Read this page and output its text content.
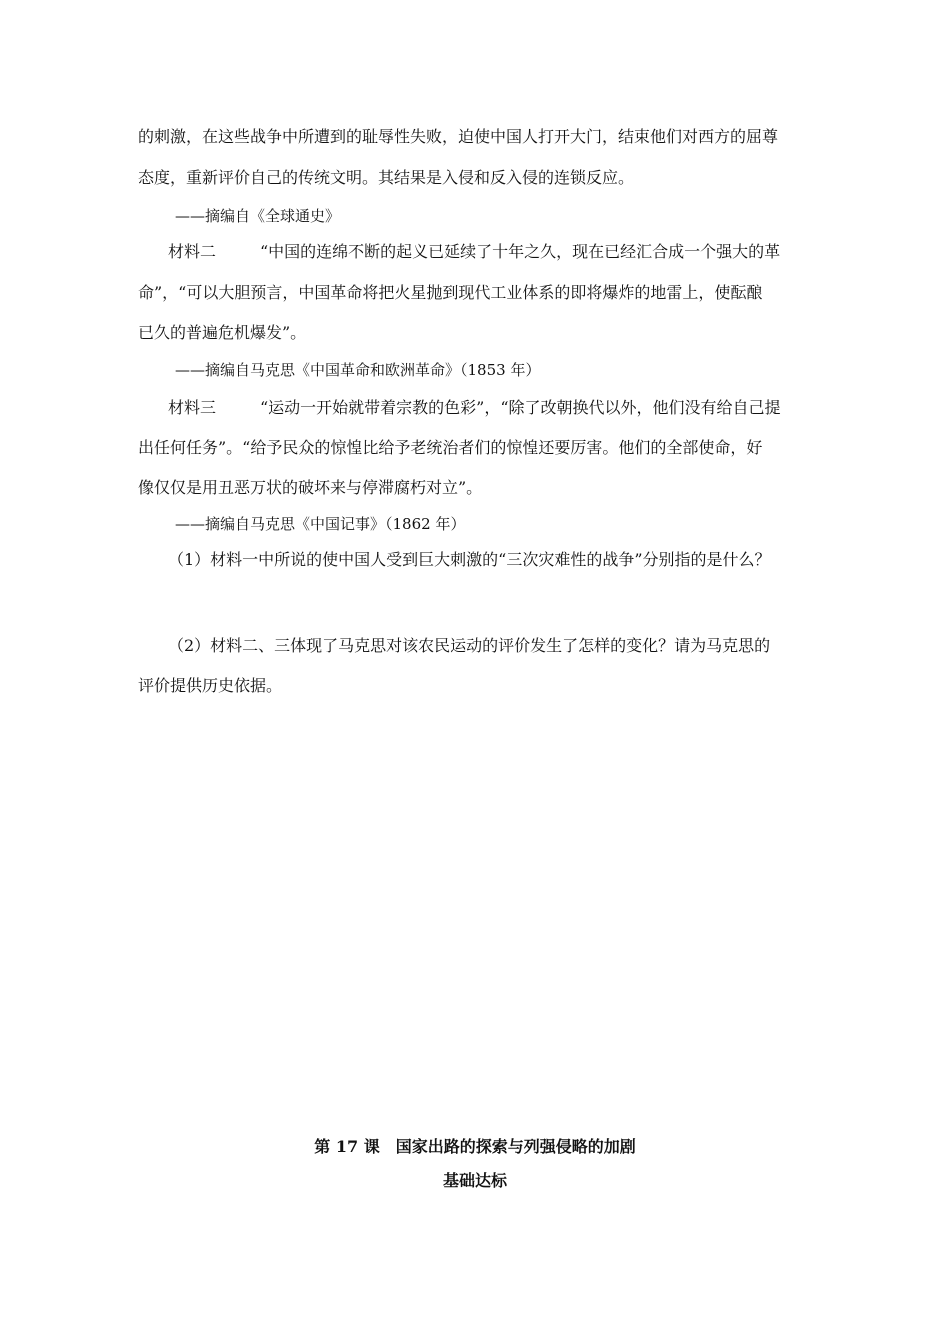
的刺激，在这些战争中所遭到的耻辱性失败，迫使中国人打开大门，结束他们对西方的屈尊
态度，重新评价自己的传统文明。其结果是入侵和反入侵的连锁反应。
——摘编自《全球通史》
材料二	“中国的连绵不断的起义已延续了十年之久，现在已经汇合成一个强大的革
命”，“可以大胆预言，中国革命将把火星抛到现代工业体系的即将爆炸的地雷上，使酝酿
已久的普遍危机爆发”。
——摘编自马克思《中国革命和欧洲革命》（1853 年）
材料三	“运动一开始就带着宗教的色彩”，“除了改朝换代以外，他们没有给自己提
出任何任务”。“给予民众的惊惶比给予老统治者们的惊惶还要厉害。他们的全部使命，好
像仅仅是用丑恶万状的破坏来与停滞腐朽对立”。
——摘编自马克思《中国记事》（1862 年）
（1）材料一中所说的使中国人受到巨大刺激的“三次灾难性的战争”分别指的是什么？
（2）材料二、三体现了马克思对该农民运动的评价发生了怎样的变化？请为马克思的
评价提供历史依据。
第 17 课　国家出路的探索与列强侵略的加剧
基础达标
